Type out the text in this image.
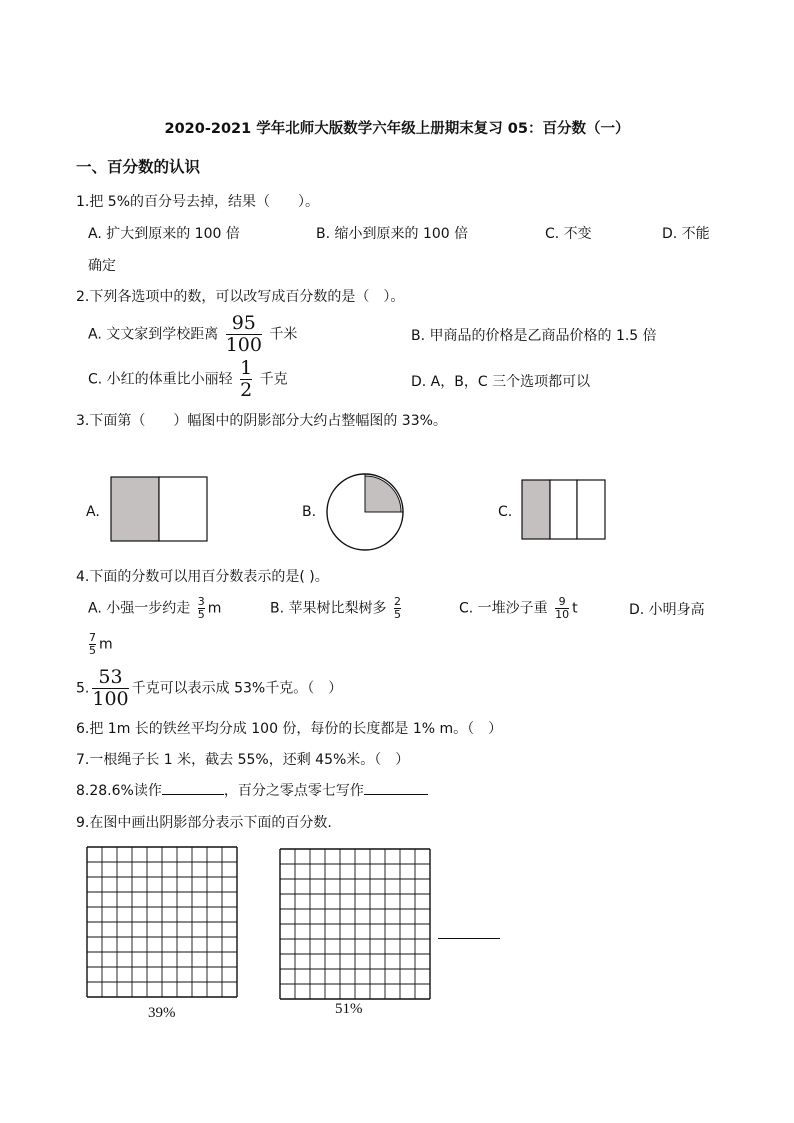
2020-2021 学年北师大版数学六年级上册期末复习 05：百分数（一）
一、百分数的认识
1.把 5%的百分号去掉，结果（　　）。
A. 扩大到原来的 100 倍	B. 缩小到原来的 100 倍	C. 不变	D. 不能
确定
2.下列各选项中的数，可以改写成百分数的是（　）。
A. 文文家到学校距离 $\frac{95}{100}$ 千米	B. 甲商品的价格是乙商品价格的 1.5 倍
C. 小红的体重比小丽轻 $\frac{1}{2}$ 千克	D. A，B，C 三个选项都可以
3.下面第（　　）幅图中的阴影部分大约占整幅图的 33%。
A.	B.	C.
4.下面的分数可以用百分数表示的是( )。
A. 小强一步约走 $\frac{3}{5}$ m	B. 苹果树比梨树多 $\frac{2}{5}$	C. 一堆沙子重 $\frac{9}{10}$ t	D. 小明身高
$\frac{7}{5}$ m
5. $\frac{53}{100}$ 千克可以表示成 53%千克。（　）
6.把 1m 长的铁丝平均分成 100 份，每份的长度都是 1% m。（　）
7.一根绳子长 1 米，截去 55%，还剩 45%米。（　）
8.28.6%读作	，百分之零点零七写作
9.在图中画出阴影部分表示下面的百分数.
39%	51%
